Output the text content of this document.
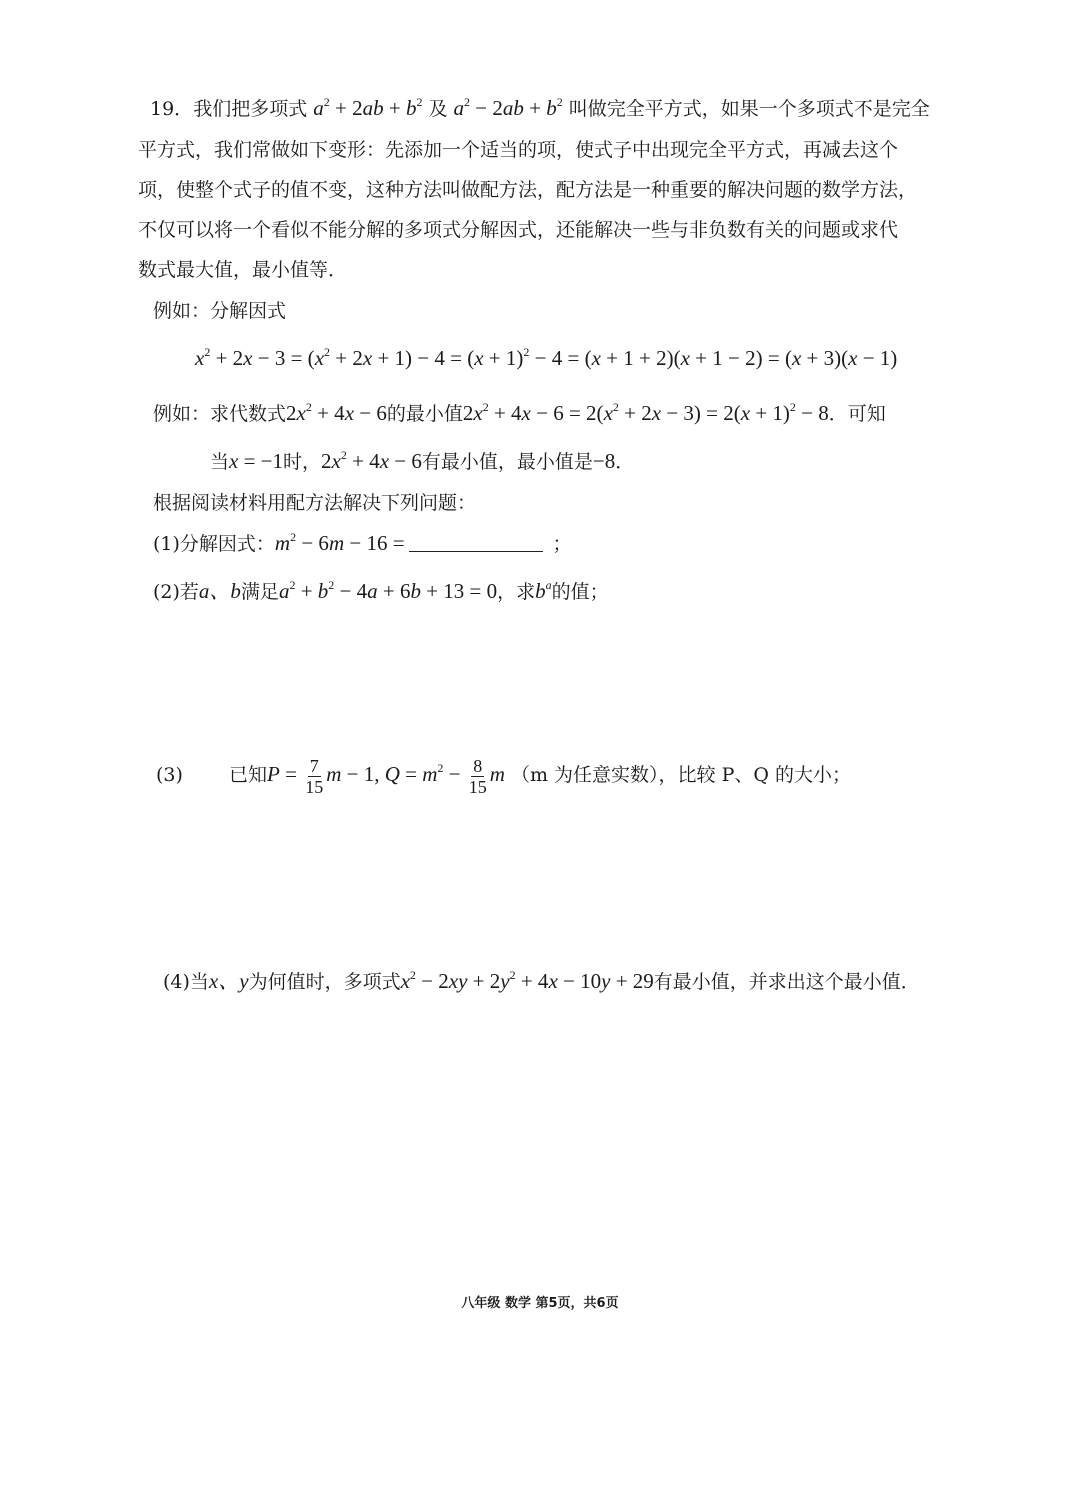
19．我们把多项式 $a^2 + 2ab + b^2$ 及 $a^2 - 2ab + b^2$ 叫做完全平方式，如果一个多项式不是完全
平方式，我们常做如下变形：先添加一个适当的项，使式子中出现完全平方式，再减去这个
项，使整个式子的值不变，这种方法叫做配方法，配方法是一种重要的解决问题的数学方法，
不仅可以将一个看似不能分解的多项式分解因式，还能解决一些与非负数有关的问题或求代
数式最大值，最小值等．
例如：分解因式
$x^2 + 2x - 3 = (x^2 + 2x + 1) - 4 = (x + 1)^2 - 4 = (x + 1 + 2)(x + 1 - 2) = (x + 3)(x - 1)$
例如：求代数式$2x^2 + 4x - 6$的最小值$2x^2 + 4x - 6 = 2(x^2 + 2x - 3) = 2(x + 1)^2 - 8$．可知
当x = −1时，$2x^2 + 4x - 6$有最小值，最小值是−8．
根据阅读材料用配方法解决下列问题：
(1)分解因式：$m^2 - 6m - 16$ =	；
(2)若a、b满足$a^2 + b^2 - 4a + 6b + 13 = 0$，求$b^a$的值；
(3) 已知$P = \frac{7}{15}$ m − 1, $Q = m^2 - \frac{8}{15}$ m （m 为任意实数），比较 P、Q 的大小；
(4)当x、y为何值时，多项式$x^2 - 2xy + 2y^2 + 4x - 10y + 29$有最小值，并求出这个最小值．
八年级 数学 第5页，共6页
